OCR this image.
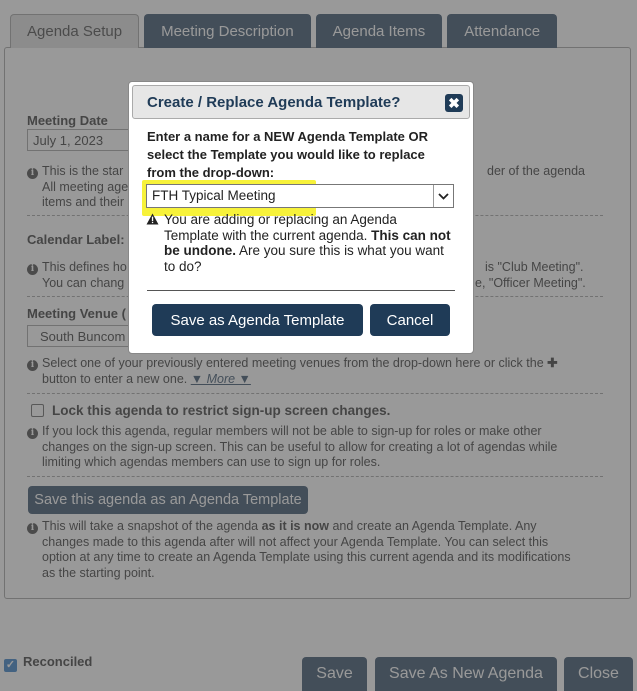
Create / Replace Agenda Template?	✖
Enter a name for a NEW Agenda Template OR
select the Template you would like to replace
from the drop-down:
FTH Typical Meeting
You are adding or replacing an Agenda Template with the current agenda. This can not be undone. Are you sure this is what you want to do?
Save as Agenda Template	Cancel
